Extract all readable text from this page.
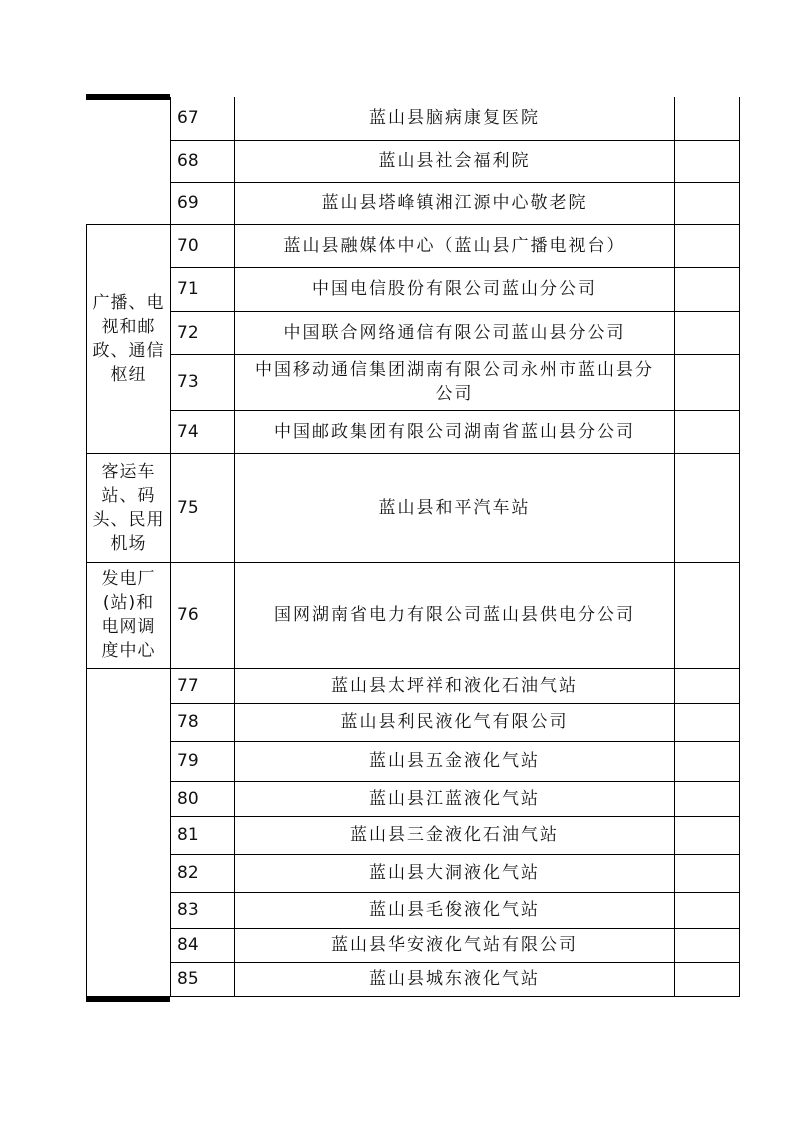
	67	蓝山县脑病康复医院	
	68	蓝山县社会福利院	
	69	蓝山县塔峰镇湘江源中心敬老院	

广播、电
视和邮
政、通信
枢纽	70	蓝山县融媒体中心（蓝山县广播电视台）	
	71	中国电信股份有限公司蓝山分公司	
	72	中国联合网络通信有限公司蓝山县分公司	
	73	中国移动通信集团湖南有限公司永州市蓝山县分
公司	

	74	中国邮政集团有限公司湖南省蓝山县分公司	

客运车
站、码
头、民用
机场	75	蓝山县和平汽车站	

发电厂
(站)和
电网调
度中心	76	国网湖南省电力有限公司蓝山县供电分公司	
	77	蓝山县太坪祥和液化石油气站	
	78	蓝山县利民液化气有限公司	
	79	蓝山县五金液化气站	
	80	蓝山县江蓝液化气站	
	81	蓝山县三金液化石油气站	
	82	蓝山县大洞液化气站	
	83	蓝山县毛俊液化气站	
	84	蓝山县华安液化气站有限公司	
	85	蓝山县城东液化气站	
